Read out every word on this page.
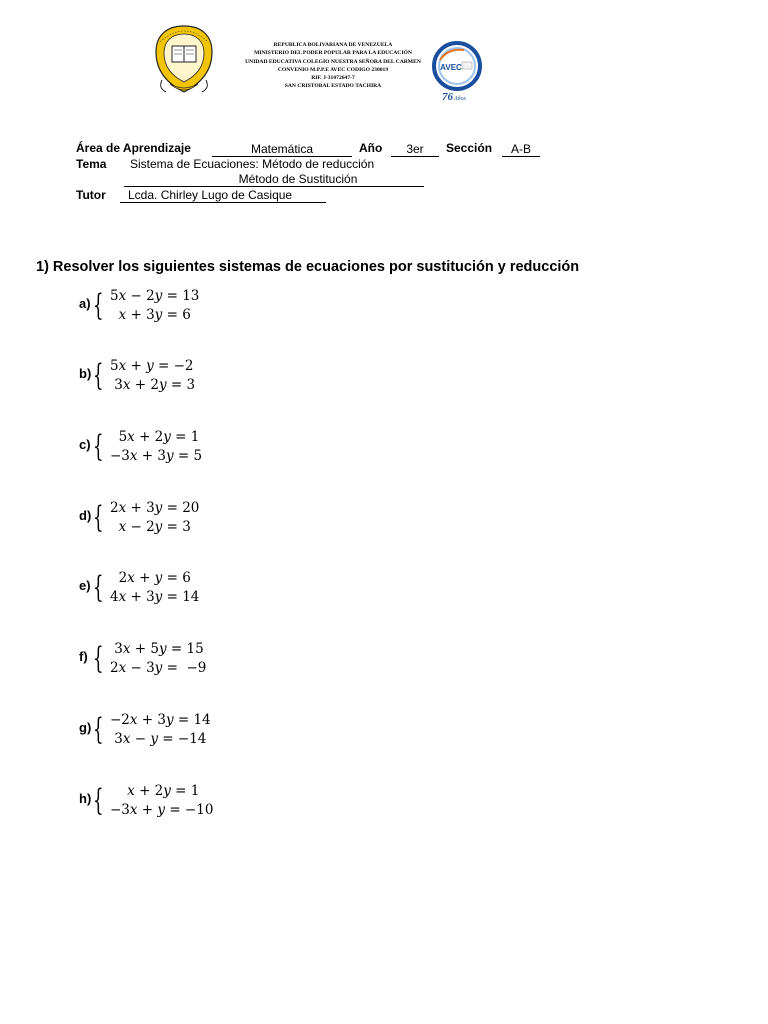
REPUBLICA BOLIVARIANA DE VENEZUELA
MINISTERIO DEL PODER POPULAR PARA LA EDUCACIÓN
UNIDAD EDUCATIVA COLEGIO NUESTRA SEÑORA DEL CARMEN
CONVENIO M.P.P.E AVEC CODIGO 230019
RIF. J-31072647-7
SAN CRISTOBAL ESTADO TACHIRA
AVEC
76 Años
Área de Aprendizaje	Matemática	Año	3er	Sección	A-B
Tema Sistema de Ecuaciones: Método de reducción
Método de Sustitución
Tutor	Lcda. Chirley Lugo de Casique
1) Resolver los siguientes sistemas de ecuaciones por sustitución y reducción
a) { 5𝑥 − 2𝑦 = 13
𝑥 + 3𝑦 = 6
b) { 5𝑥 + 𝑦 = −2
3𝑥 + 2𝑦 = 3
c) { 5𝑥 + 2𝑦 = 1
−3𝑥 + 3𝑦 = 5
d) { 2𝑥 + 3𝑦 = 20
𝑥 − 2𝑦 = 3
e) { 2𝑥 + 𝑦 = 6
4𝑥 + 3𝑦 = 14
f) { 3𝑥 + 5𝑦 = 15
2𝑥 − 3𝑦 =  −9
g) { −2𝑥 + 3𝑦 = 14
3𝑥 − 𝑦 = −14
h) { 𝑥 + 2𝑦 = 1
−3𝑥 + 𝑦 = −10
